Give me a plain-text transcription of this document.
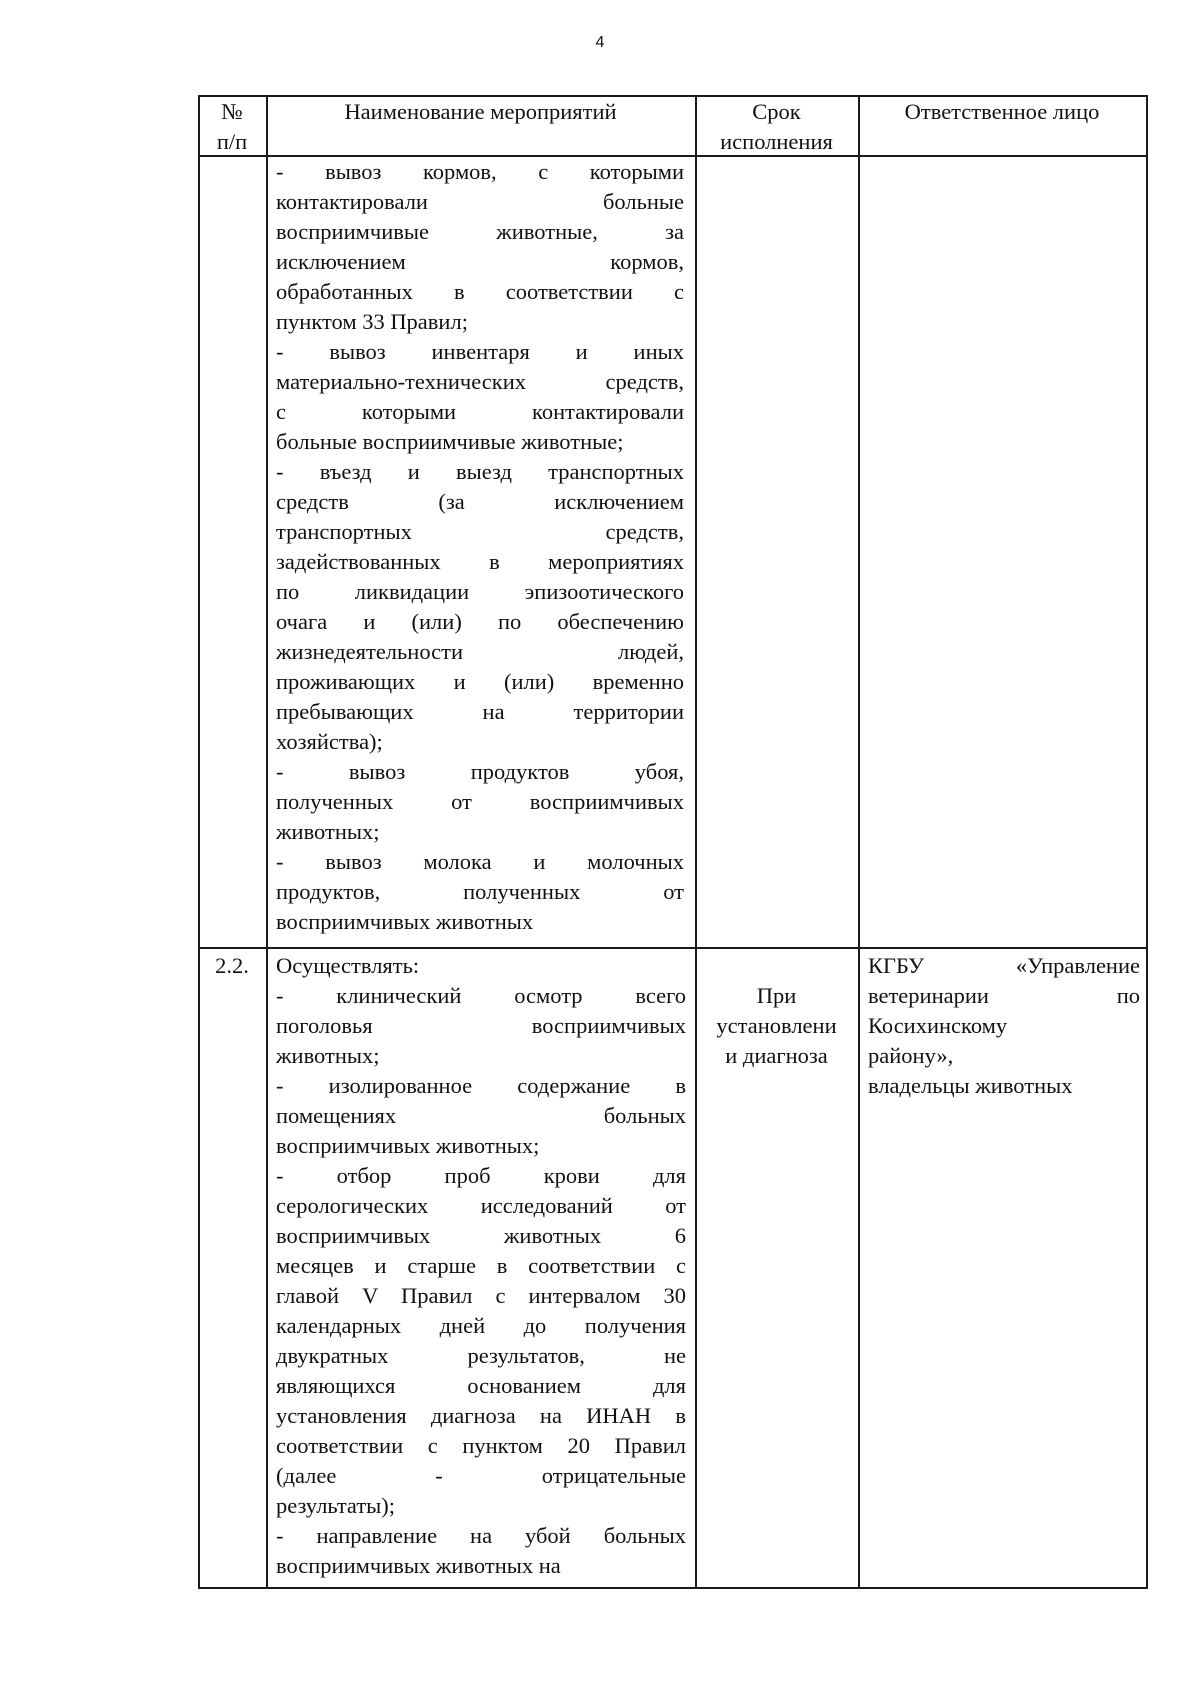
4
№
п/п
Наименование мероприятий	Срок
исполнения
Ответственное лицо
- вывоз кормов, с которыми
контактировали больные
восприимчивые животные, за
исключением кормов,
обработанных в соответствии с
пунктом 33 Правил;
- вывоз инвентаря и иных
материально-технических средств,
с которыми контактировали
больные восприимчивые животные;
- въезд и выезд транспортных
средств (за исключением
транспортных средств,
задействованных в мероприятиях
по ликвидации эпизоотического
очага и (или) по обеспечению
жизнедеятельности людей,
проживающих и (или) временно
пребывающих на территории
хозяйства);
- вывоз продуктов убоя,
полученных от восприимчивых
животных;
- вывоз молока и молочных
продуктов, полученных от
восприимчивых животных
2.2.	Осуществлять:
- клинический осмотр всего
поголовья восприимчивых
животных;
- изолированное содержание в
помещениях больных
восприимчивых животных;
- отбор проб крови для
серологических исследований от
восприимчивых животных 6
месяцев и старше в соответствии с
главой V Правил с интервалом 30
календарных дней до получения
двукратных результатов, не
являющихся основанием для
установления диагноза на ИНАН в
соответствии с пунктом 20 Правил
(далее - отрицательные
результаты);
- направление на убой больных
восприимчивых животных на
При
установлени
и диагноза
КГБУ «Управление
ветеринарии по
Косихинскому
району»,
владельцы животных
